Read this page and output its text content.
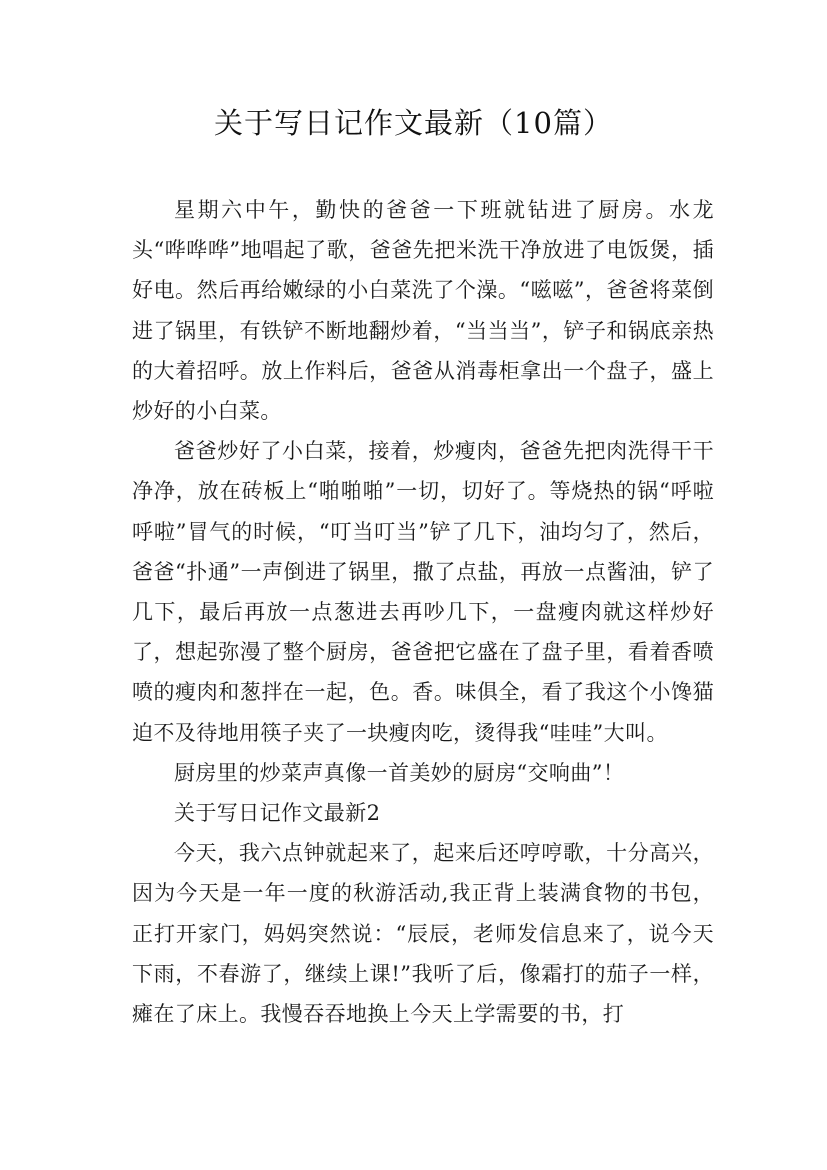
关于写日记作文最新（10篇）

星期六中午，勤快的爸爸一下班就钻进了厨房。水龙头“哗哗哗”地唱起了歌，爸爸先把米洗干净放进了电饭煲，插好电。然后再给嫩绿的小白菜洗了个澡。“嗞嗞”，爸爸将菜倒进了锅里，有铁铲不断地翻炒着，“当当当”，铲子和锅底亲热的大着招呼。放上作料后，爸爸从消毒柜拿出一个盘子，盛上炒好的小白菜。

爸爸炒好了小白菜，接着，炒瘦肉，爸爸先把肉洗得干干净净，放在砖板上“啪啪啪”一切，切好了。等烧热的锅“呼啦呼啦”冒气的时候，“叮当叮当”铲了几下，油均匀了，然后，爸爸“扑通”一声倒进了锅里，撒了点盐，再放一点酱油，铲了几下，最后再放一点葱进去再吵几下，一盘瘦肉就这样炒好了，想起弥漫了整个厨房，爸爸把它盛在了盘子里，看着香喷喷的瘦肉和葱拌在一起，色。香。味俱全，看了我这个小馋猫迫不及待地用筷子夹了一块瘦肉吃，烫得我“哇哇”大叫。

厨房里的炒菜声真像一首美妙的厨房“交响曲”！

关于写日记作文最新2

今天，我六点钟就起来了，起来后还哼哼歌，十分高兴，因为今天是一年一度的秋游活动,我正背上装满食物的书包，正打开家门，妈妈突然说：“辰辰，老师发信息来了，说今天下雨，不春游了，继续上课!”我听了后，像霜打的茄子一样，瘫在了床上。我慢吞吞地换上今天上学需要的书，打
